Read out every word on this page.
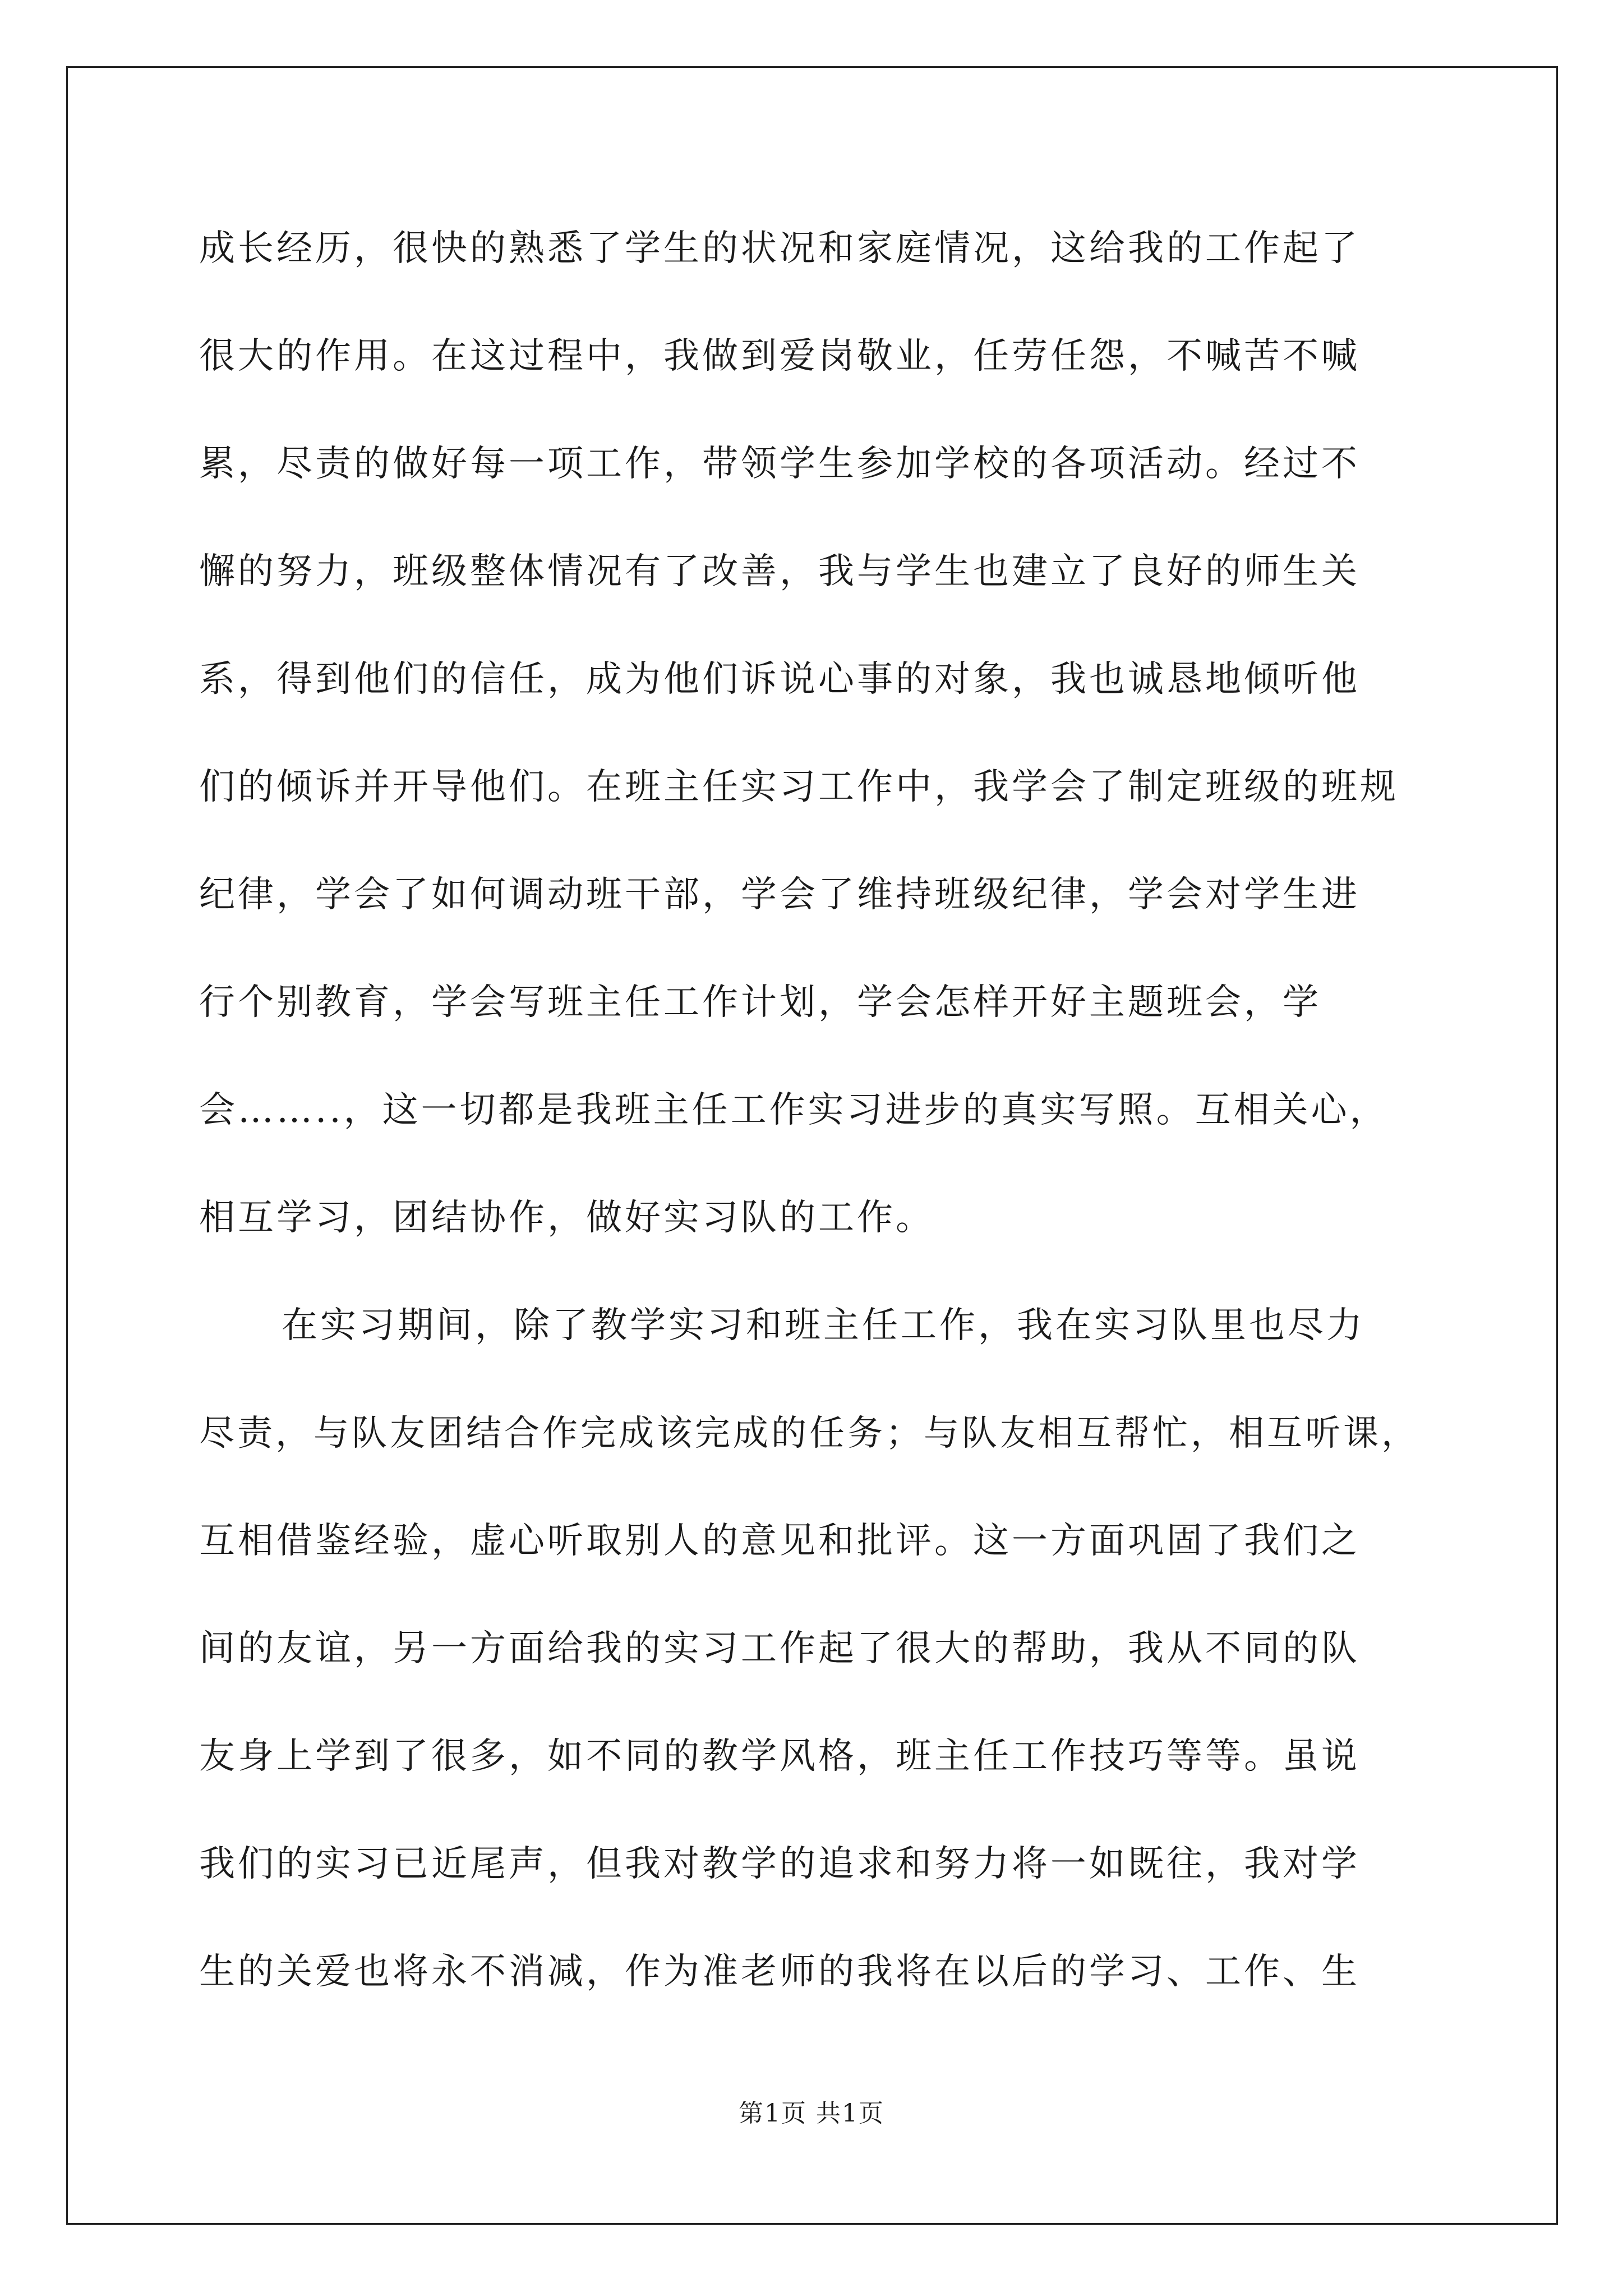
成长经历，很快的熟悉了学生的状况和家庭情况，这给我的工作起了
很大的作用。在这过程中，我做到爱岗敬业，任劳任怨，不喊苦不喊
累，尽责的做好每一项工作，带领学生参加学校的各项活动。经过不
懈的努力，班级整体情况有了改善，我与学生也建立了良好的师生关
系，得到他们的信任，成为他们诉说心事的对象，我也诚恳地倾听他
们的倾诉并开导他们。在班主任实习工作中，我学会了制定班级的班规
纪律，学会了如何调动班干部，学会了维持班级纪律，学会对学生进
行个别教育，学会写班主任工作计划，学会怎样开好主题班会，学
会……..，这一切都是我班主任工作实习进步的真实写照。互相关心，
相互学习，团结协作，做好实习队的工作。
在实习期间，除了教学实习和班主任工作，我在实习队里也尽力
尽责，与队友团结合作完成该完成的任务；与队友相互帮忙，相互听课，
互相借鉴经验，虚心听取别人的意见和批评。这一方面巩固了我们之
间的友谊，另一方面给我的实习工作起了很大的帮助，我从不同的队
友身上学到了很多，如不同的教学风格，班主任工作技巧等等。虽说
我们的实习已近尾声，但我对教学的追求和努力将一如既往，我对学
生的关爱也将永不消减，作为准老师的我将在以后的学习、工作、生
第1页 共1页
